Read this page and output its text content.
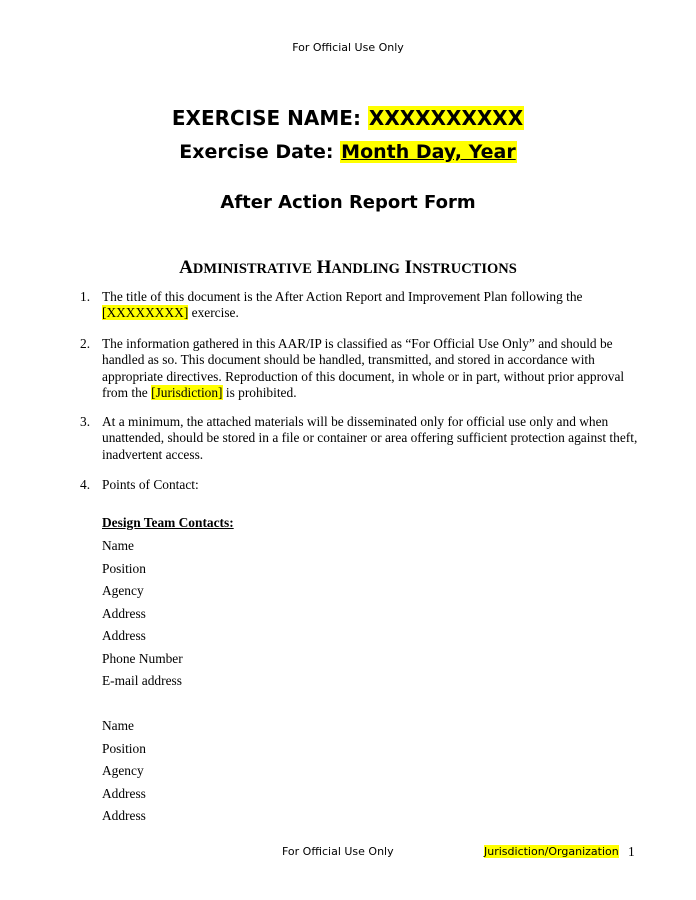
For Official Use Only
EXERCISE NAME: XXXXXXXXXX
Exercise Date: Month Day, Year
After Action Report Form
ADMINISTRATIVE HANDLING INSTRUCTIONS
1. The title of this document is the After Action Report and Improvement Plan following the [XXXXXXXX] exercise.
2. The information gathered in this AAR/IP is classified as “For Official Use Only” and should be handled as so. This document should be handled, transmitted, and stored in accordance with appropriate directives. Reproduction of this document, in whole or in part, without prior approval from the [Jurisdiction] is prohibited.
3. At a minimum, the attached materials will be disseminated only for official use only and when unattended, should be stored in a file or container or area offering sufficient protection against theft, inadvertent access.
4. Points of Contact:
Design Team Contacts:
Name
Position
Agency
Address
Address
Phone Number
E-mail address
Name
Position
Agency
Address
Address
For Official Use Only	Jurisdiction/Organization 1
